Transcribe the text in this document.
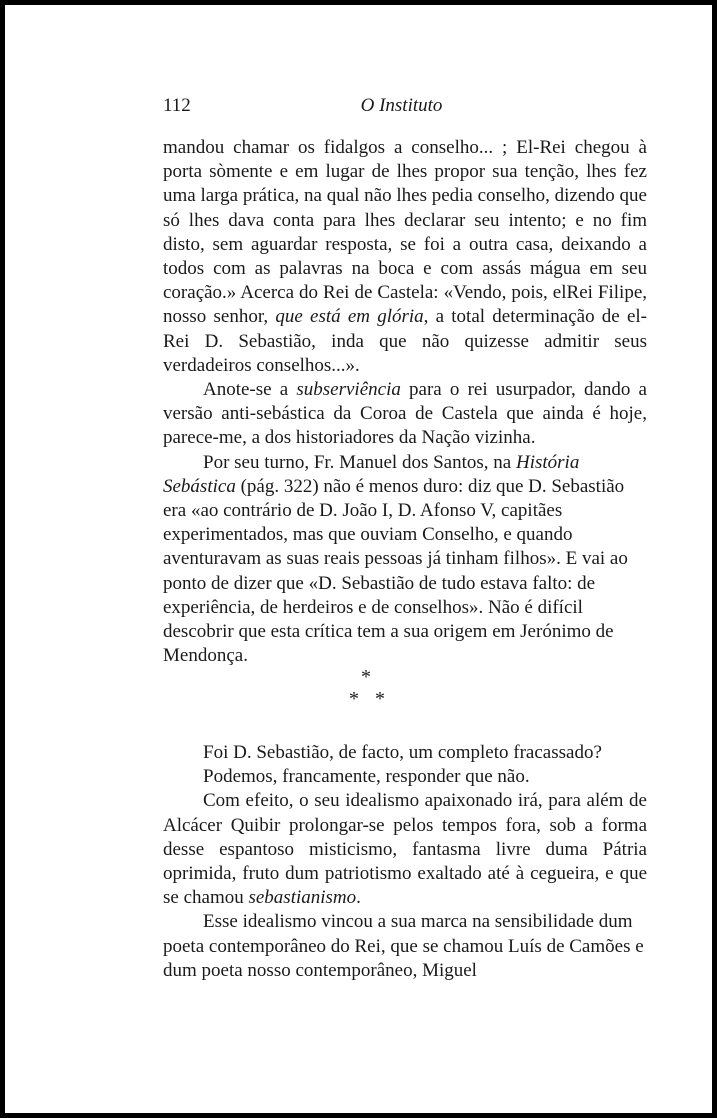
112	O Instituto

mandou chamar os fidalgos a conselho... ; El-Rei chegou à porta sòmente e em lugar de lhes propor sua tenção, lhes fez uma larga prática, na qual não lhes pedia conselho, dizendo que só lhes dava conta para lhes declarar seu intento; e no fim disto, sem aguardar resposta, se foi a outra casa, deixando a todos com as palavras na boca e com assás mágua em seu coração.» Acerca do Rei de Castela: «Vendo, pois, elRei Filipe, nosso senhor, que está em glória, a total determinação de el-Rei D. Sebastião, inda que não quizesse admitir seus verdadeiros conselhos...».

Anote-se a subserviência para o rei usurpador, dando a versão anti-sebástica da Coroa de Castela que ainda é hoje, parece-me, a dos historiadores da Nação vizinha.

Por seu turno, Fr. Manuel dos Santos, na História Sebástica (pág. 322) não é menos duro: diz que D. Sebastião era «ao contrário de D. João I, D. Afonso V, capitães experimentados, mas que ouviam Conselho, e quando aventuravam as suas reais pessoas já tinham filhos». E vai ao ponto de dizer que «D. Sebastião de tudo estava falto: de experiência, de herdeiros e de conselhos». Não é difícil descobrir que esta crítica tem a sua origem em Jerónimo de Mendonça.

*
* *

Foi D. Sebastião, de facto, um completo fracassado?

Podemos, francamente, responder que não.

Com efeito, o seu idealismo apaixonado irá, para além de Alcácer Quibir prolongar-se pelos tempos fora, sob a forma desse espantoso misticismo, fantasma livre duma Pátria oprimida, fruto dum patriotismo exaltado até à cegueira, e que se chamou sebastianismo.

Esse idealismo vincou a sua marca na sensibilidade dum poeta contemporâneo do Rei, que se chamou Luís de Camões e dum poeta nosso contemporâneo, Miguel
